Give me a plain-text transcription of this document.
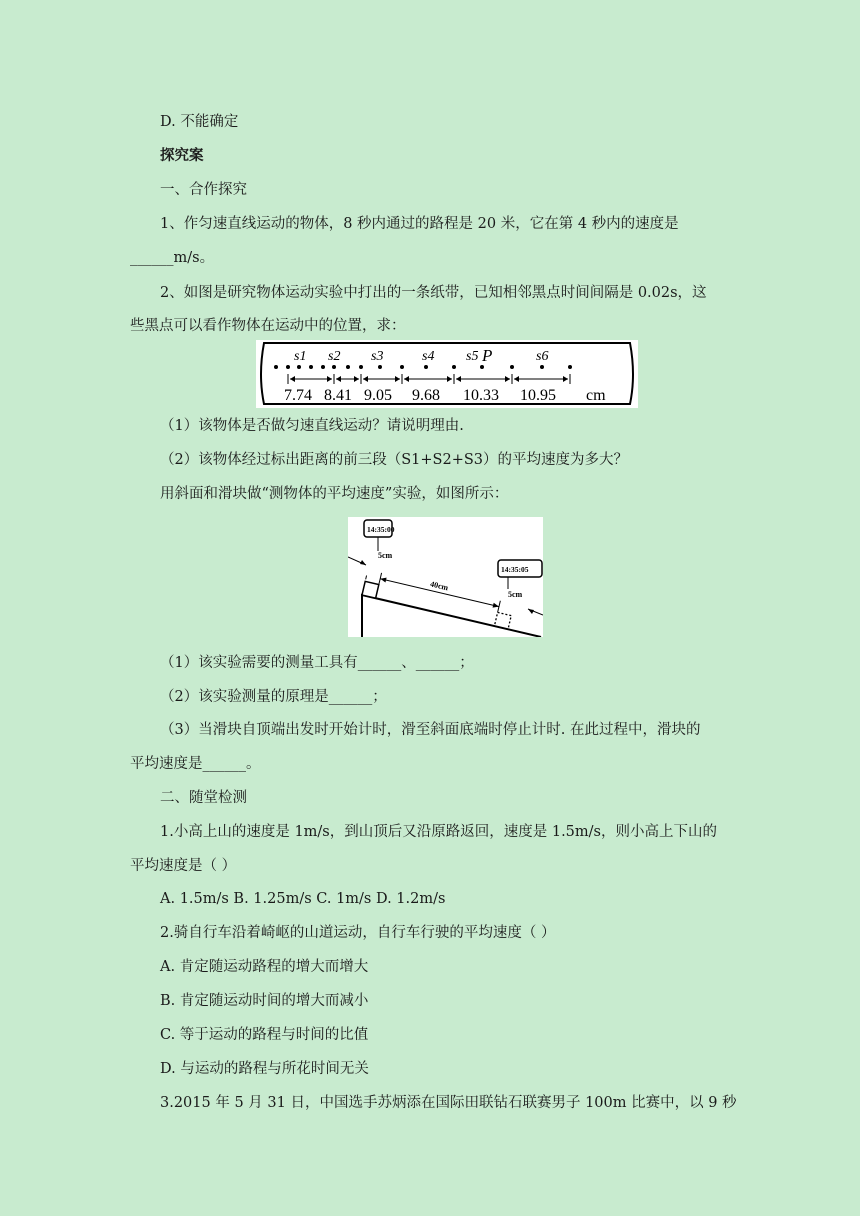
D. 不能确定
探究案
一、合作探究
1、作匀速直线运动的物体，8 秒内通过的路程是 20 米，它在第 4 秒内的速度是
______m/s。
2、如图是研究物体运动实验中打出的一条纸带，已知相邻黑点时间间隔是 0.02s，这
些黑点可以看作物体在运动中的位置，求：
s1 s2 s3	s4 s5 P	s6
7.74 8.41 9.05 9.68 10.33 10.95 cm
（1）该物体是否做匀速直线运动？请说明理由.
（2）该物体经过标出距离的前三段（S1+S2+S3）的平均速度为多大？
用斜面和滑块做“测物体的平均速度”实验，如图所示：
14:35:00
5cm
14:35:05
5cm
40cm
（1）该实验需要的测量工具有______、______；
（2）该实验测量的原理是______；
（3）当滑块自顶端出发时开始计时，滑至斜面底端时停止计时. 在此过程中，滑块的
平均速度是______。
二、随堂检测
1.小高上山的速度是 1m/s，到山顶后又沿原路返回，速度是 1.5m/s，则小高上下山的
平均速度是（ ）
A. 1.5m/s B. 1.25m/s C. 1m/s D. 1.2m/s
2.骑自行车沿着崎岖的山道运动，自行车行驶的平均速度（ ）
A. 肯定随运动路程的增大而增大
B. 肯定随运动时间的增大而减小
C. 等于运动的路程与时间的比值
D. 与运动的路程与所花时间无关
3.2015 年 5 月 31 日，中国选手苏炳添在国际田联钻石联赛男子 100m 比赛中，以 9 秒
